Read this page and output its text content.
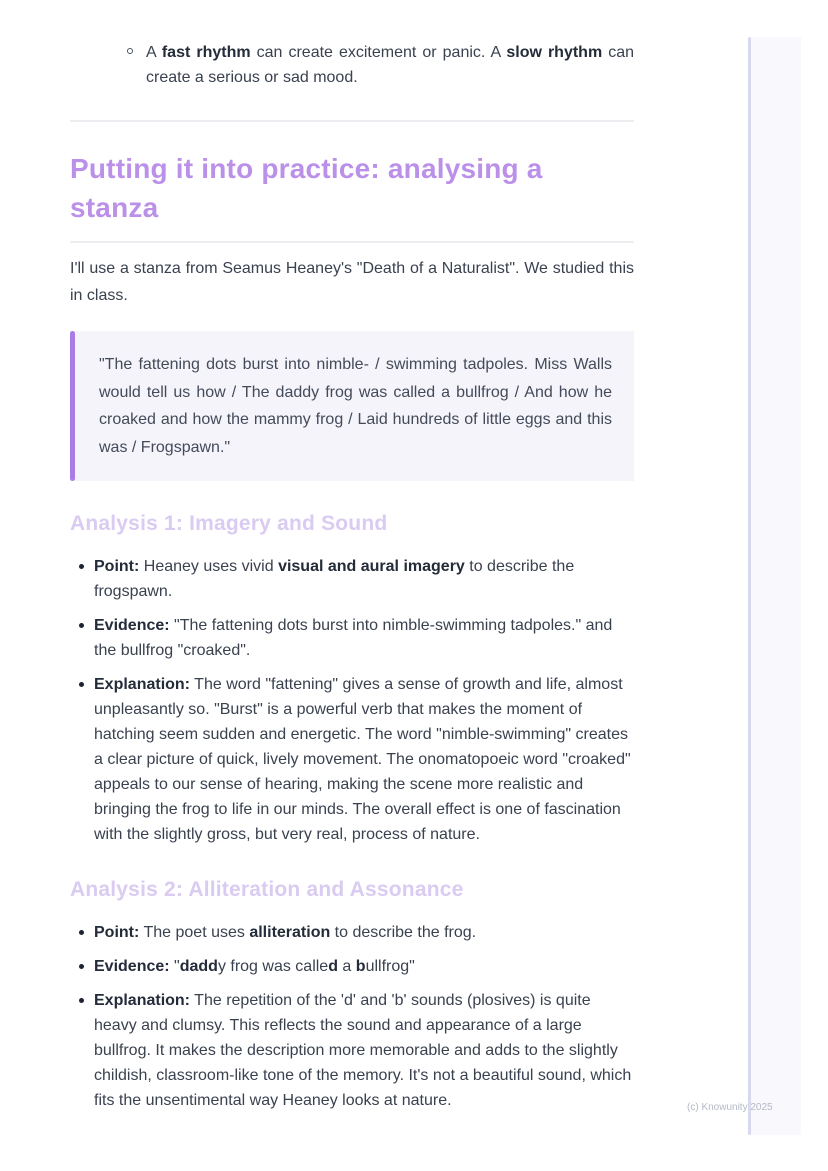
A fast rhythm can create excitement or panic. A slow rhythm can create a serious or sad mood.
Putting it into practice: analysing a stanza

I'll use a stanza from Seamus Heaney's "Death of a Naturalist". We studied this in class.

"The fattening dots burst into nimble- / swimming tadpoles. Miss Walls would tell us how / The daddy frog was called a bullfrog / And how he croaked and how the mammy frog / Laid hundreds of little eggs and this was / Frogspawn."
Analysis 1: Imagery and Sound
Point: Heaney uses vivid visual and aural imagery to describe the frogspawn.
Evidence: "The fattening dots burst into nimble-swimming tadpoles." and the bullfrog "croaked".
Explanation: The word "fattening" gives a sense of growth and life, almost unpleasantly so. "Burst" is a powerful verb that makes the moment of hatching seem sudden and energetic. The word "nimble-swimming" creates a clear picture of quick, lively movement. The onomatopoeic word "croaked" appeals to our sense of hearing, making the scene more realistic and bringing the frog to life in our minds. The overall effect is one of fascination with the slightly gross, but very real, process of nature.
Analysis 2: Alliteration and Assonance
Point: The poet uses alliteration to describe the frog.
Evidence: "daddy frog was called a bullfrog"
Explanation: The repetition of the 'd' and 'b' sounds (plosives) is quite heavy and clumsy. This reflects the sound and appearance of a large bullfrog. It makes the description more memorable and adds to the slightly childish, classroom-like tone of the memory. It's not a beautiful sound, which fits the unsentimental way Heaney looks at nature.	(c) Knowunity 2025
